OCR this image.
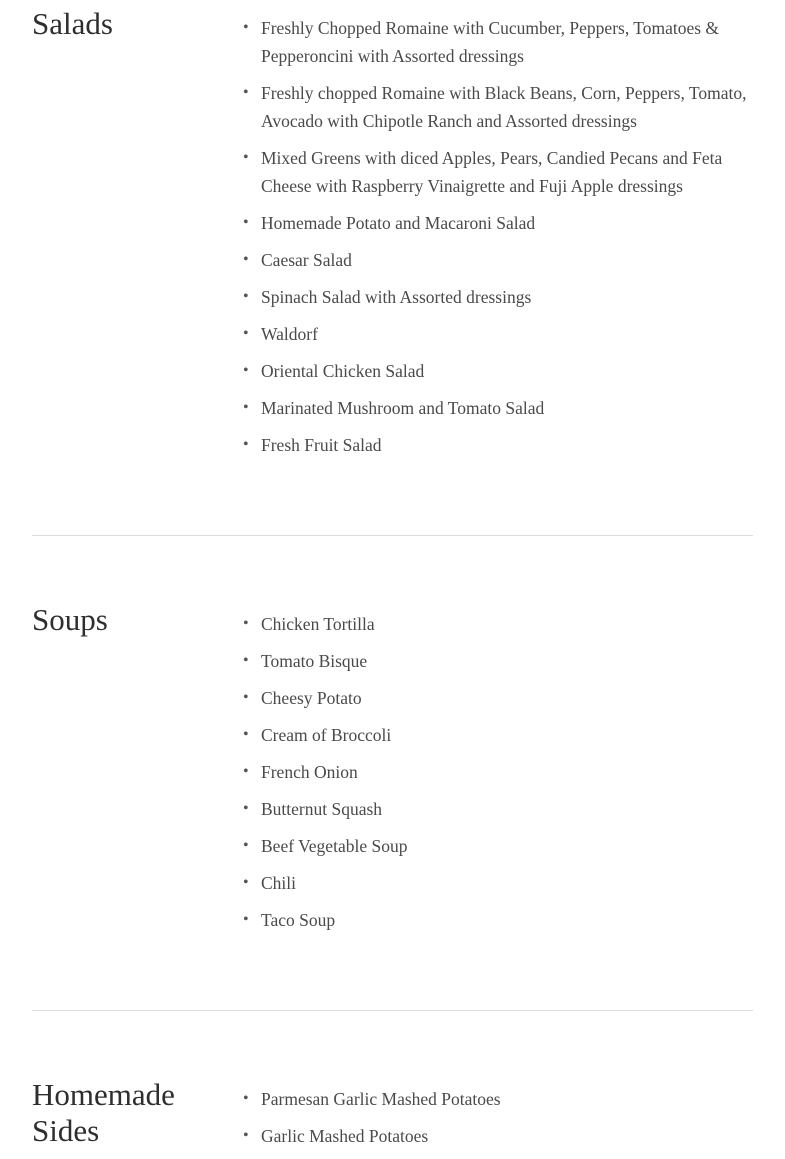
Salads	• Freshly Chopped Romaine with Cucumber, Peppers, Tomatoes & Pepperoncini with Assorted dressings
• Freshly chopped Romaine with Black Beans, Corn, Peppers, Tomato, Avocado with Chipotle Ranch and Assorted dressings
• Mixed Greens with diced Apples, Pears, Candied Pecans and Feta Cheese with Raspberry Vinaigrette and Fuji Apple dressings
• Homemade Potato and Macaroni Salad
• Caesar Salad
• Spinach Salad with Assorted dressings
• Waldorf
• Oriental Chicken Salad
• Marinated Mushroom and Tomato Salad
• Fresh Fruit Salad
Soups	• Chicken Tortilla
• Tomato Bisque
• Cheesy Potato
• Cream of Broccoli
• French Onion
• Butternut Squash
• Beef Vegetable Soup
• Chili
• Taco Soup
Homemade Sides
• Parmesan Garlic Mashed Potatoes
• Garlic Mashed Potatoes
